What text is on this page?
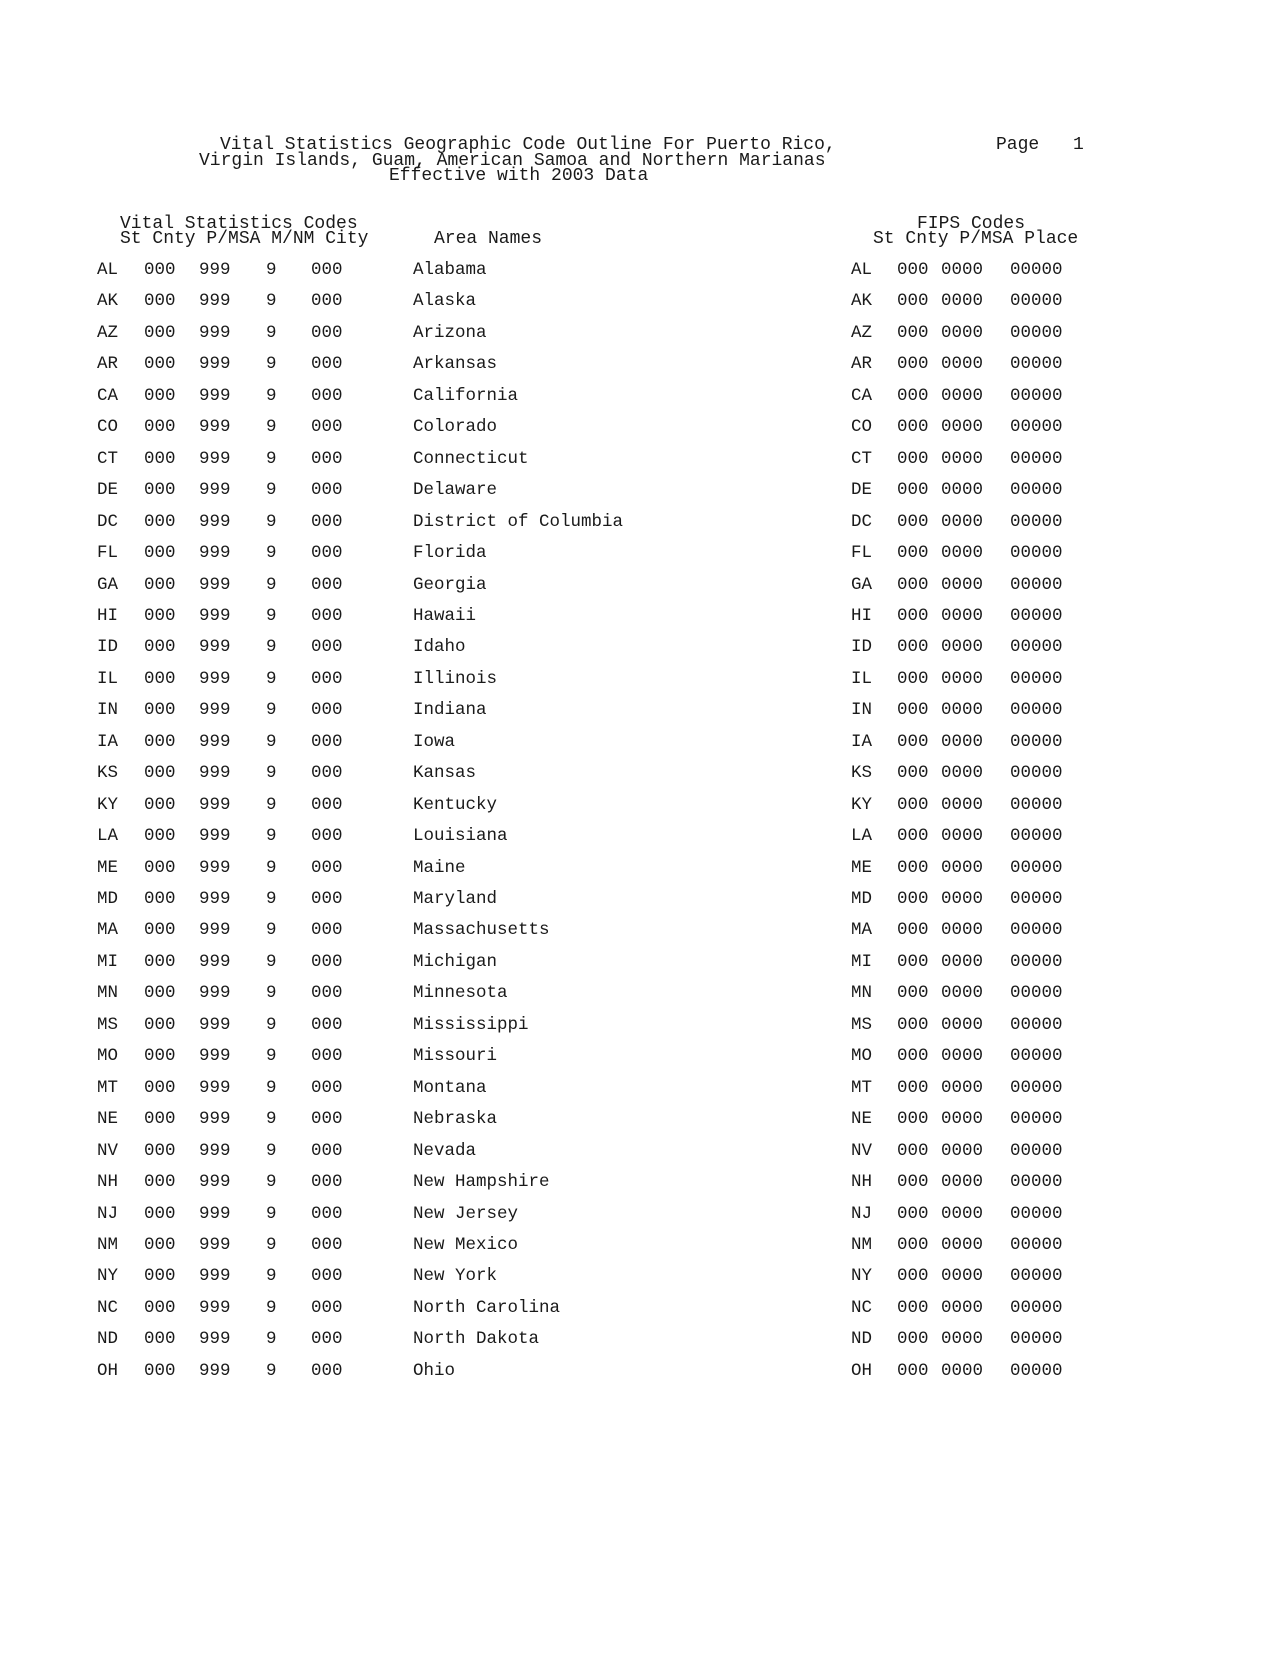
Vital Statistics Geographic Code Outline For Puerto Rico,
Virgin Islands, Guam, American Samoa and Northern Marianas
Effective with 2003 Data
Page 1
Vital Statistics Codes
St Cnty P/MSA M/NM City	Area Names
FIPS Codes
St Cnty P/MSA Place
AL 000 999 9 000	Alabama	AL 000 0000 00000
AK 000 999 9 000	Alaska	AK 000 0000 00000
AZ 000 999 9 000	Arizona	AZ 000 0000 00000
AR 000 999 9 000	Arkansas	AR 000 0000 00000
CA 000 999 9 000	California	CA 000 0000 00000
CO 000 999 9 000	Colorado	CO 000 0000 00000
CT 000 999 9 000	Connecticut	CT 000 0000 00000
DE 000 999 9 000	Delaware	DE 000 0000 00000
DC 000 999 9 000	District of Columbia	DC 000 0000 00000
FL 000 999 9 000	Florida	FL 000 0000 00000
GA 000 999 9 000	Georgia	GA 000 0000 00000
HI 000 999 9 000	Hawaii	HI 000 0000 00000
ID 000 999 9 000	Idaho	ID 000 0000 00000
IL 000 999 9 000	Illinois	IL 000 0000 00000
IN 000 999 9 000	Indiana	IN 000 0000 00000
IA 000 999 9 000	Iowa	IA 000 0000 00000
KS 000 999 9 000	Kansas	KS 000 0000 00000
KY 000 999 9 000	Kentucky	KY 000 0000 00000
LA 000 999 9 000	Louisiana	LA 000 0000 00000
ME 000 999 9 000	Maine	ME 000 0000 00000
MD 000 999 9 000	Maryland	MD 000 0000 00000
MA 000 999 9 000	Massachusetts	MA 000 0000 00000
MI 000 999 9 000	Michigan	MI 000 0000 00000
MN 000 999 9 000	Minnesota	MN 000 0000 00000
MS 000 999 9 000	Mississippi	MS 000 0000 00000
MO 000 999 9 000	Missouri	MO 000 0000 00000
MT 000 999 9 000	Montana	MT 000 0000 00000
NE 000 999 9 000	Nebraska	NE 000 0000 00000
NV 000 999 9 000	Nevada	NV 000 0000 00000
NH 000 999 9 000	New Hampshire	NH 000 0000 00000
NJ 000 999 9 000	New Jersey	NJ 000 0000 00000
NM 000 999 9 000	New Mexico	NM 000 0000 00000
NY 000 999 9 000	New York	NY 000 0000 00000
NC 000 999 9 000	North Carolina	NC 000 0000 00000
ND 000 999 9 000	North Dakota	ND 000 0000 00000
OH 000 999 9 000	Ohio	OH 000 0000 00000
